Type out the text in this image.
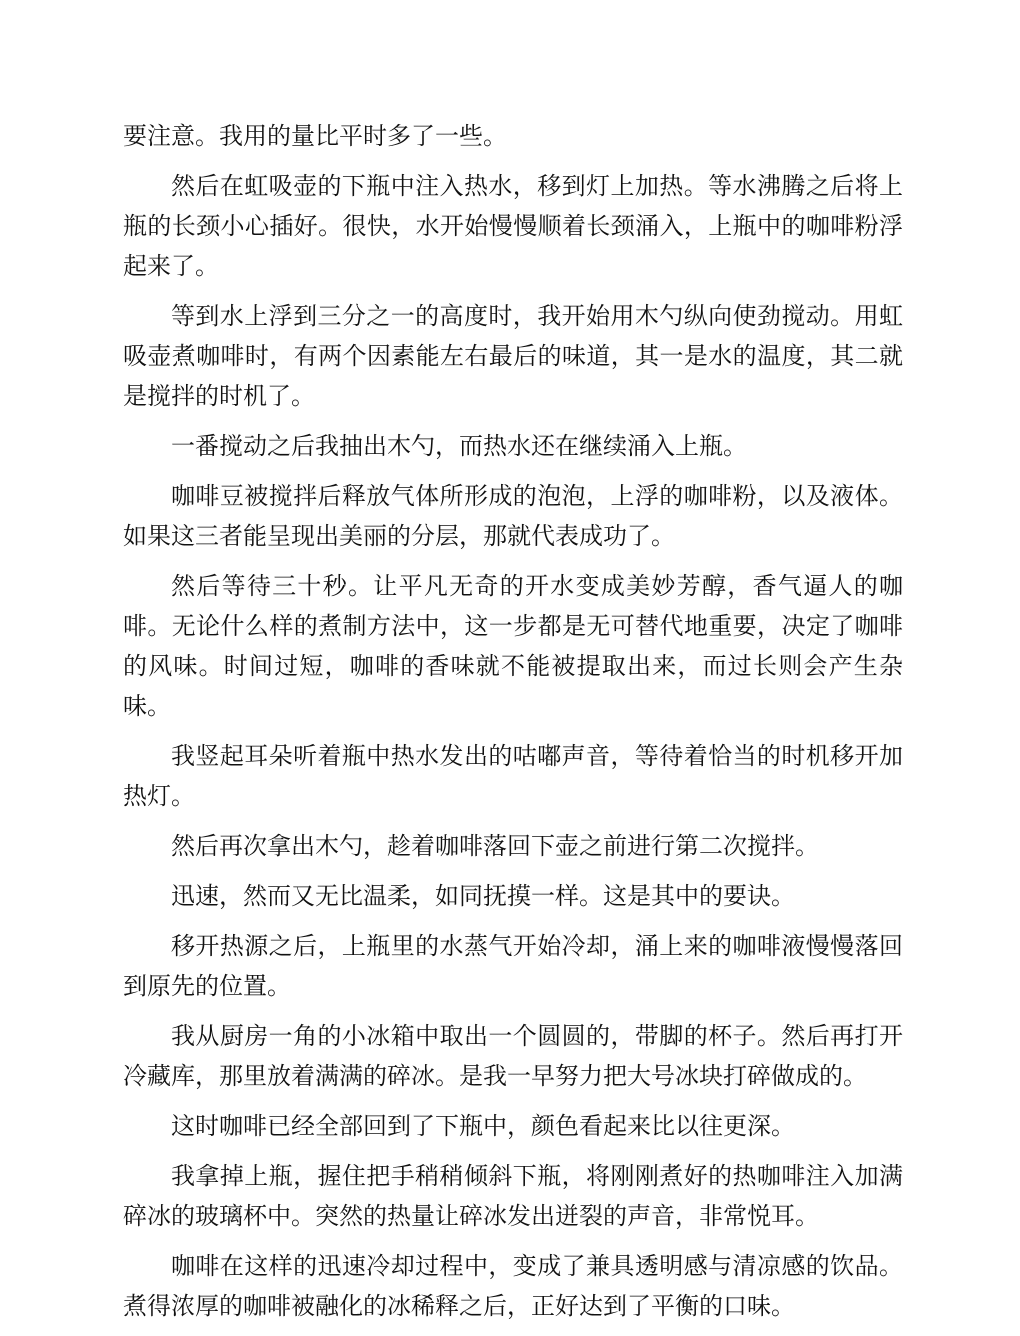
要注意。我用的量比平时多了一些。

然后在虹吸壶的下瓶中注入热水，移到灯上加热。等水沸腾之后将上瓶的长颈小心插好。很快，水开始慢慢顺着长颈涌入，上瓶中的咖啡粉浮起来了。

等到水上浮到三分之一的高度时，我开始用木勺纵向使劲搅动。用虹吸壶煮咖啡时，有两个因素能左右最后的味道，其一是水的温度，其二就是搅拌的时机了。

一番搅动之后我抽出木勺，而热水还在继续涌入上瓶。

咖啡豆被搅拌后释放气体所形成的泡泡，上浮的咖啡粉，以及液体。如果这三者能呈现出美丽的分层，那就代表成功了。

然后等待三十秒。让平凡无奇的开水变成美妙芳醇，香气逼人的咖啡。无论什么样的煮制方法中，这一步都是无可替代地重要，决定了咖啡的风味。时间过短，咖啡的香味就不能被提取出来，而过长则会产生杂味。

我竖起耳朵听着瓶中热水发出的咕嘟声音，等待着恰当的时机移开加热灯。

然后再次拿出木勺，趁着咖啡落回下壶之前进行第二次搅拌。

迅速，然而又无比温柔，如同抚摸一样。这是其中的要诀。

移开热源之后，上瓶里的水蒸气开始冷却，涌上来的咖啡液慢慢落回到原先的位置。

我从厨房一角的小冰箱中取出一个圆圆的，带脚的杯子。然后再打开冷藏库，那里放着满满的碎冰。是我一早努力把大号冰块打碎做成的。

这时咖啡已经全部回到了下瓶中，颜色看起来比以往更深。

我拿掉上瓶，握住把手稍稍倾斜下瓶，将刚刚煮好的热咖啡注入加满碎冰的玻璃杯中。突然的热量让碎冰发出迸裂的声音，非常悦耳。

咖啡在这样的迅速冷却过程中，变成了兼具透明感与清凉感的饮品。煮得浓厚的咖啡被融化的冰稀释之后，正好达到了平衡的口味。
